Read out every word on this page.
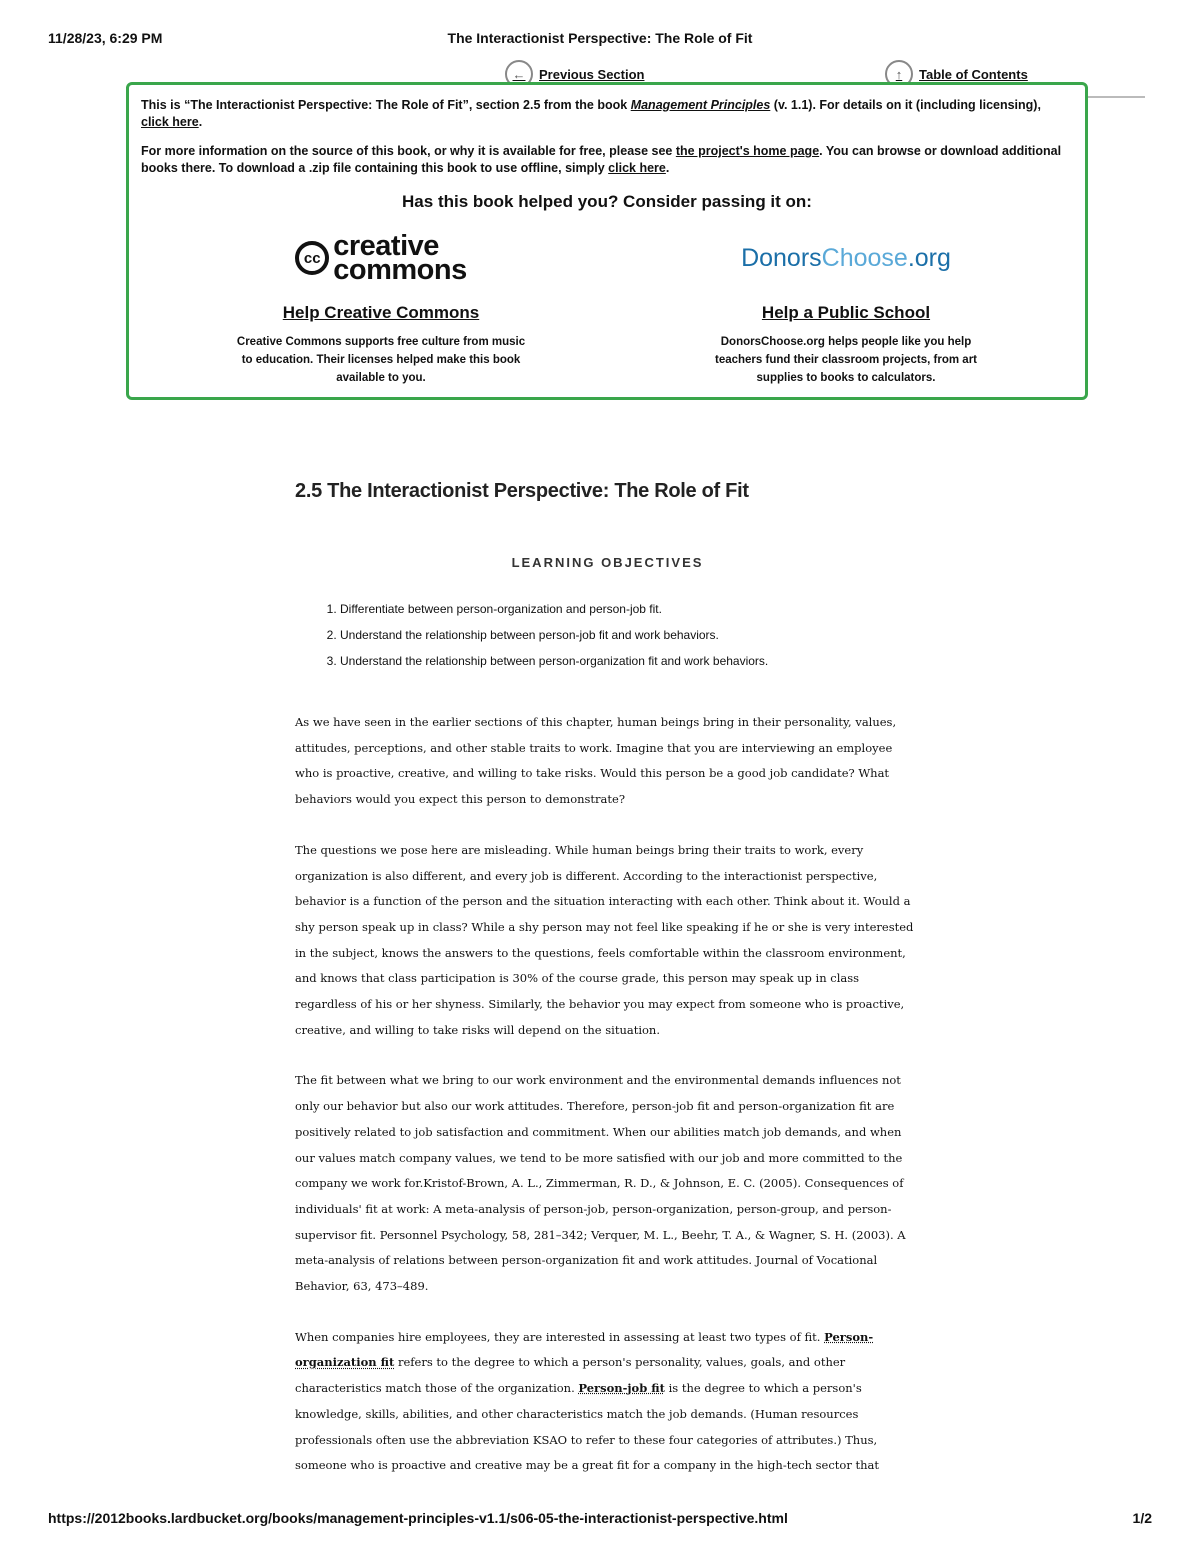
11/28/23, 6:29 PM	The Interactionist Perspective: The Role of Fit
←	Previous Section	↑	Table of Contents

This is “The Interactionist Perspective: The Role of Fit”, section 2.5 from the book Management Principles (v. 1.1). For details on it (including licensing), click here.

For more information on the source of this book, or why it is available for free, please see the project's home page. You can browse or download additional books there. To download a .zip file containing this book to use offline, simply click here.

Has this book helped you? Consider passing it on:
cc creative
commons
Help Creative Commons
Creative Commons supports free culture from music to education. Their licenses helped make this book available to you.
Donors Choose .org
Help a Public School
DonorsChoose.org helps people like you help teachers fund their classroom projects, from art supplies to books to calculators.
2.5 The Interactionist Perspective: The Role of Fit
LEARNING OBJECTIVES
1. Differentiate between person-organization and person-job fit.
2. Understand the relationship between person-job fit and work behaviors.
3. Understand the relationship between person-organization fit and work behaviors.

As we have seen in the earlier sections of this chapter, human beings bring in their personality, values, attitudes, perceptions, and other stable traits to work. Imagine that you are interviewing an employee who is proactive, creative, and willing to take risks. Would this person be a good job candidate? What behaviors would you expect this person to demonstrate?

The questions we pose here are misleading. While human beings bring their traits to work, every organization is also different, and every job is different. According to the interactionist perspective, behavior is a function of the person and the situation interacting with each other. Think about it. Would a shy person speak up in class? While a shy person may not feel like speaking if he or she is very interested in the subject, knows the answers to the questions, feels comfortable within the classroom environment, and knows that class participation is 30% of the course grade, this person may speak up in class regardless of his or her shyness. Similarly, the behavior you may expect from someone who is proactive, creative, and willing to take risks will depend on the situation.

The fit between what we bring to our work environment and the environmental demands influences not only our behavior but also our work attitudes. Therefore, person-job fit and person-organization fit are positively related to job satisfaction and commitment. When our abilities match job demands, and when our values match company values, we tend to be more satisfied with our job and more committed to the company we work for.Kristof-Brown, A. L., Zimmerman, R. D., & Johnson, E. C. (2005). Consequences of individuals' fit at work: A meta-analysis of person-job, person-organization, person-group, and person-supervisor fit. Personnel Psychology, 58, 281–342; Verquer, M. L., Beehr, T. A., & Wagner, S. H. (2003). A meta-analysis of relations between person-organization fit and work attitudes. Journal of Vocational Behavior, 63, 473–489.

When companies hire employees, they are interested in assessing at least two types of fit. Person-organization fit refers to the degree to which a person's personality, values, goals, and other characteristics match those of the organization. Person-job fit is the degree to which a person's knowledge, skills, abilities, and other characteristics match the job demands. (Human resources professionals often use the abbreviation KSAO to refer to these four categories of attributes.) Thus, someone who is proactive and creative may be a great fit for a company in the high-tech sector that

https://2012books.lardbucket.org/books/management-principles-v1.1/s06-05-the-interactionist-perspective.html	1/2
